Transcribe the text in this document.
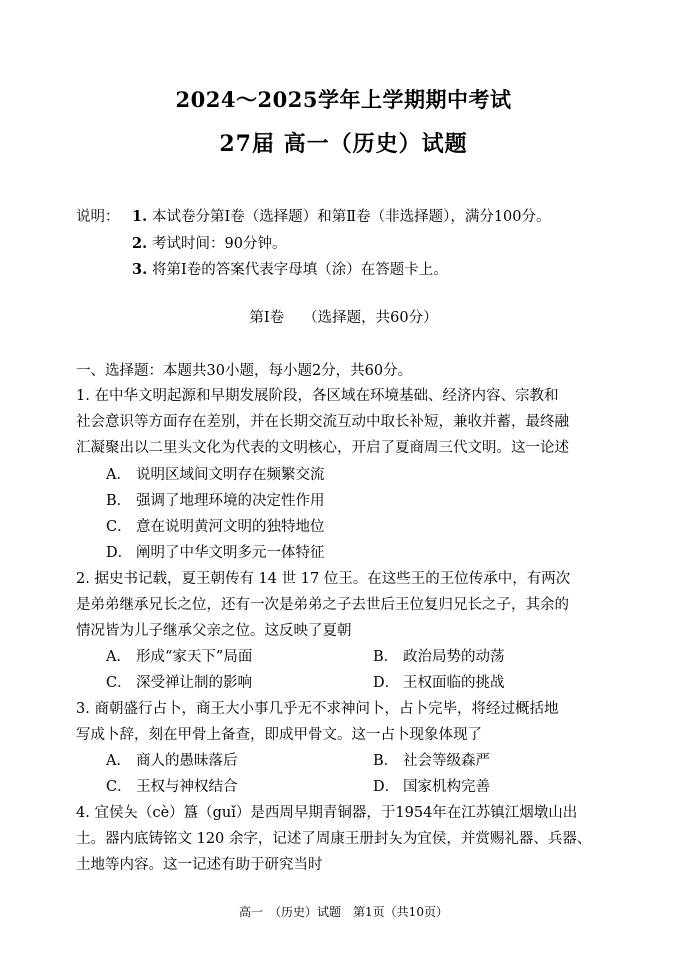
2024～2025学年上学期期中考试
27届 高一（历史）试题
说明： 1. 本试卷分第Ⅰ卷（选择题）和第Ⅱ卷（非选择题），满分100分。
2. 考试时间：90分钟。
3. 将第Ⅰ卷的答案代表字母填（涂）在答题卡上。
第Ⅰ卷　 （选择题，共60分）
一、选择题：本题共30小题，每小题2分，共60分。
1. 在中华文明起源和早期发展阶段，各区域在环境基础、经济内容、宗教和
社会意识等方面存在差别，并在长期交流互动中取长补短，兼收并蓄，最终融
汇凝聚出以二里头文化为代表的文明核心，开启了夏商周三代文明。这一论述
A． 说明区域间文明存在频繁交流
B． 强调了地理环境的决定性作用
C． 意在说明黄河文明的独特地位
D． 阐明了中华文明多元一体特征
2. 据史书记载，夏王朝传有 14 世 17 位王。在这些王的王位传承中，有两次
是弟弟继承兄长之位，还有一次是弟弟之子去世后王位复归兄长之子，其余的
情况皆为儿子继承父亲之位。这反映了夏朝
A． 形成“家天下”局面	B． 政治局势的动荡
C． 深受禅让制的影响	D． 王权面临的挑战
3. 商朝盛行占卜，商王大小事几乎无不求神问卜，占卜完毕，将经过概括地
写成卜辞，刻在甲骨上备查，即成甲骨文。这一占卜现象体现了
A． 商人的愚昧落后	B． 社会等级森严
C． 王权与神权结合	D． 国家机构完善
4. 宜侯夨（cè）簋（guǐ）是西周早期青铜器，于1954年在江苏镇江烟墩山出
土。器内底铸铭文 120 余字，记述了周康王册封夨为宜侯，并赏赐礼器、兵器、
土地等内容。这一记述有助于研究当时
高一　（历史）试题　第1页（共10页）
